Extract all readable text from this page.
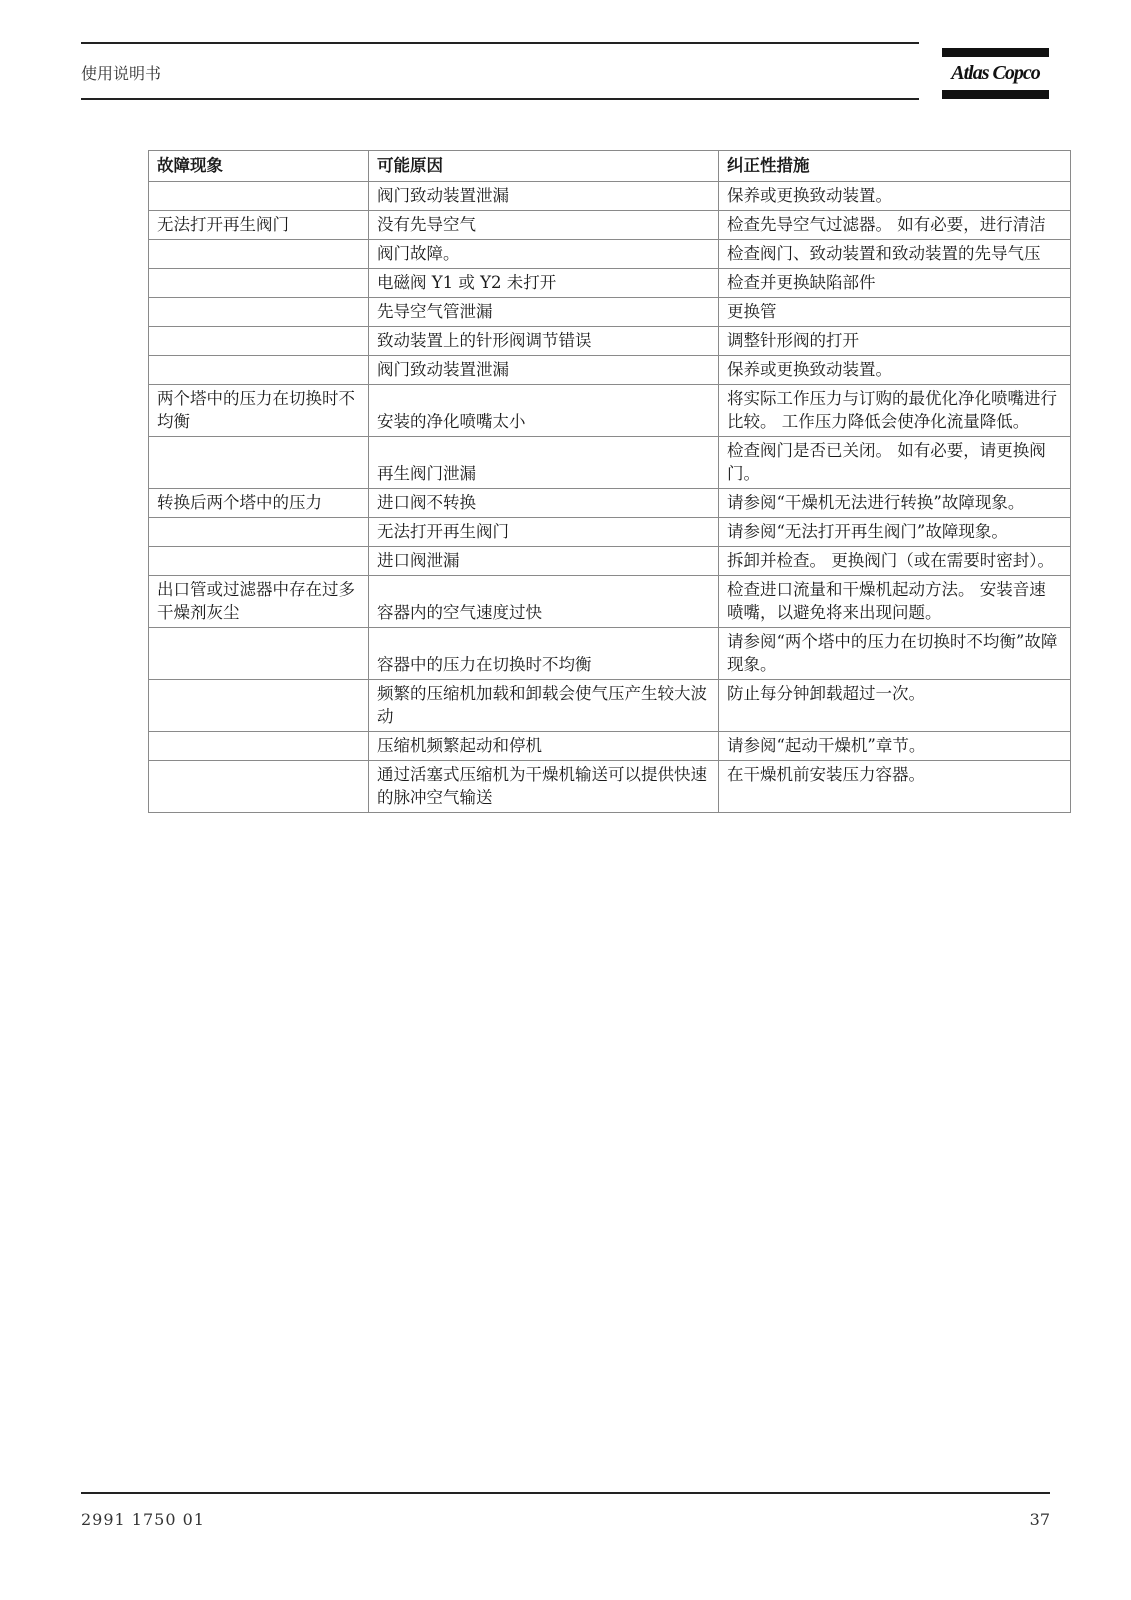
使用说明书	Atlas Copco
故障现象	可能原因	纠正性措施
	阀门致动装置泄漏	保养或更换致动装置。
无法打开再生阀门	没有先导空气	检查先导空气过滤器。 如有必要，进行清洁
	阀门故障。	检查阀门、致动装置和致动装置的先导气压
	电磁阀 Y1 或 Y2 未打开	检查并更换缺陷部件
	先导空气管泄漏	更换管
	致动装置上的针形阀调节错误	调整针形阀的打开
	阀门致动装置泄漏	保养或更换致动装置。
两个塔中的压力在切换时不均衡	安装的净化喷嘴太小	将实际工作压力与订购的最优化净化喷嘴进行比较。 工作压力降低会使净化流量降低。
	再生阀门泄漏	检查阀门是否已关闭。 如有必要，请更换阀门。
转换后两个塔中的压力	进口阀不转换	请参阅“干燥机无法进行转换”故障现象。
	无法打开再生阀门	请参阅“无法打开再生阀门”故障现象。
	进口阀泄漏	拆卸并检查。 更换阀门（或在需要时密封）。
出口管或过滤器中存在过多干燥剂灰尘	容器内的空气速度过快	检查进口流量和干燥机起动方法。 安装音速喷嘴，以避免将来出现问题。
	容器中的压力在切换时不均衡	请参阅“两个塔中的压力在切换时不均衡”故障现象。
	频繁的压缩机加载和卸载会使气压产生较大波动	防止每分钟卸载超过一次。
	压缩机频繁起动和停机	请参阅“起动干燥机”章节。
	通过活塞式压缩机为干燥机输送可以提供快速的脉冲空气输送	在干燥机前安装压力容器。
2991 1750 01	37
